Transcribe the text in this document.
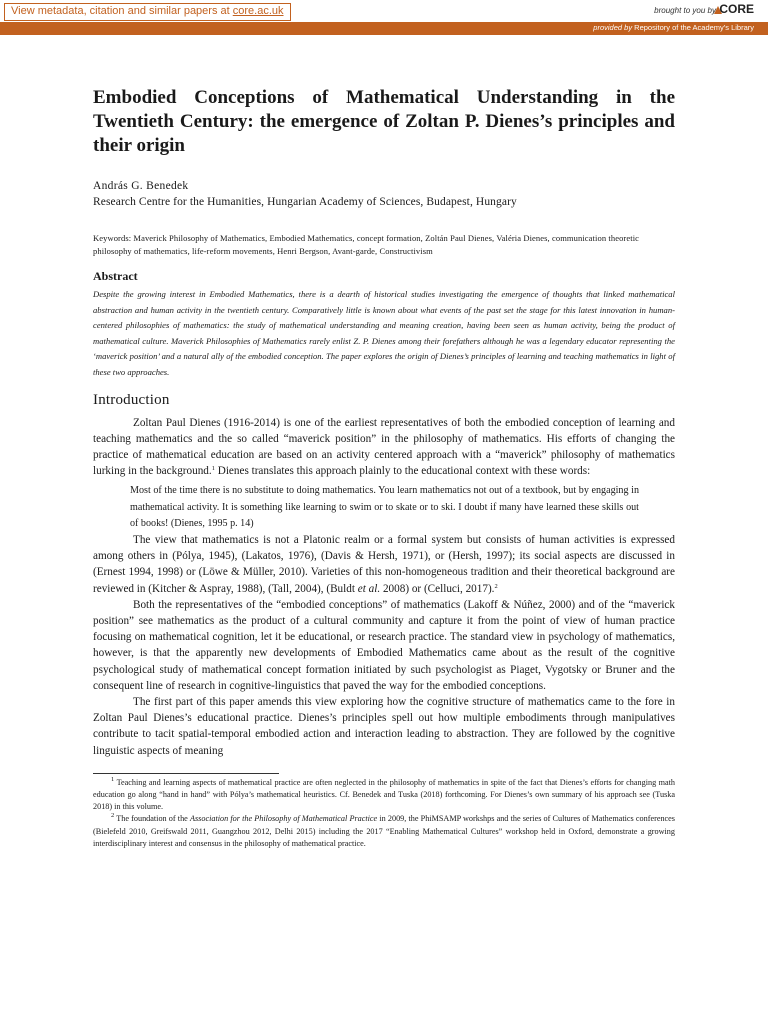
View metadata, citation and similar papers at core.ac.uk	brought to you by CORE
provided by Repository of the Academy's Library
Embodied Conceptions of Mathematical Understanding in the Twentieth Century: the emergence of Zoltan P. Dienes’s principles and their origin
András G. Benedek
Research Centre for the Humanities, Hungarian Academy of Sciences, Budapest, Hungary
Keywords: Maverick Philosophy of Mathematics, Embodied Mathematics, concept formation, Zoltán Paul Dienes, Valéria Dienes, communication theoretic philosophy of mathematics, life-reform movements, Henri Bergson, Avant-garde, Constructivism
Abstract
Despite the growing interest in Embodied Mathematics, there is a dearth of historical studies investigating the emergence of thoughts that linked mathematical abstraction and human activity in the twentieth century. Comparatively little is known about what events of the past set the stage for this latest innovation in human-centered philosophies of mathematics: the study of mathematical understanding and meaning creation, having been seen as human activity, being the product of mathematical culture. Maverick Philosophies of Mathematics rarely enlist Z. P. Dienes among their forefathers although he was a legendary educator representing the ‘maverick position’ and a natural ally of the embodied conception. The paper explores the origin of Dienes’s principles of learning and teaching mathematics in light of these two approaches.
Introduction

Zoltan Paul Dienes (1916-2014) is one of the earliest representatives of both the embodied conception of learning and teaching mathematics and the so called “maverick position” in the philosophy of mathematics. His efforts of changing the practice of mathematical education are based on an activity centered approach with a “maverick” philosophy of mathematics lurking in the background.$^1$ Dienes translates this approach plainly to the educational context with these words:

Most of the time there is no substitute to doing mathematics. You learn mathematics not out of a textbook, but by engaging in mathematical activity. It is something like learning to swim or to skate or to ski. I doubt if many have learned these skills out of books! (Dienes, 1995 p. 14)

The view that mathematics is not a Platonic realm or a formal system but consists of human activities is expressed among others in (Pólya, 1945), (Lakatos, 1976), (Davis & Hersh, 1971), or (Hersh, 1997); its social aspects are discussed in (Ernest 1994, 1998) or (Löwe & Müller, 2010). Varieties of this non-homogeneous tradition and their theoretical background are reviewed in (Kitcher & Aspray, 1988), (Tall, 2004), (Buldt et al. 2008) or (Celluci, 2017).$^2$

Both the representatives of the “embodied conceptions” of mathematics (Lakoff & Núñez, 2000) and of the “maverick position” see mathematics as the product of a cultural community and capture it from the point of view of human practice focusing on mathematical cognition, let it be educational, or research practice. The standard view in psychology of mathematics, however, is that the apparently new developments of Embodied Mathematics came about as the result of the cognitive psychological study of mathematical concept formation initiated by such psychologist as Piaget, Vygotsky or Bruner and the consequent line of research in cognitive-linguistics that paved the way for the embodied conceptions.

The first part of this paper amends this view exploring how the cognitive structure of mathematics came to the fore in Zoltan Paul Dienes’s educational practice. Dienes’s principles spell out how multiple embodiments through manipulatives contribute to tacit spatial-temporal embodied action and interaction leading to abstraction. They are followed by the cognitive linguistic aspects of meaning

$^1$ Teaching and learning aspects of mathematical practice are often neglected in the philosophy of mathematics in spite of the fact that Dienes’s efforts for changing math education go along “hand in hand” with Pólya’s mathematical heuristics. Cf. Benedek and Tuska (2018) forthcoming. For Dienes’s own summary of his approach see (Tuska 2018) in this volume.

$^2$ The foundation of the Association for the Philosophy of Mathematical Practice in 2009, the PhiMSAMP workshps and the series of Cultures of Mathematics conferences (Bielefeld 2010, Greifswald 2011, Guangzhou 2012, Delhi 2015) including the 2017 “Enabling Mathematical Cultures” workshop held in Oxford, demonstrate a growing interdisciplinary interest and consensus in the philosophy of mathematical practice.
